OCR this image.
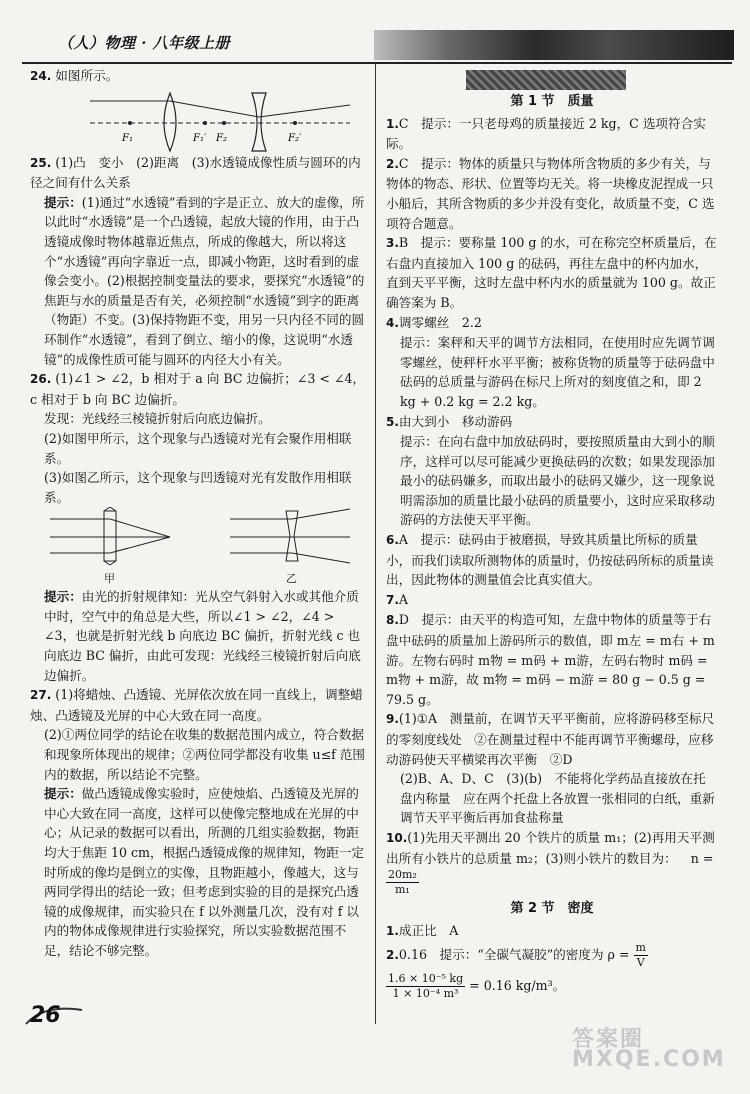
（人）物理 · 八年级上册

24. 如图所示。

F₁	F₁′ F₂	F₂′

25. (1)凸　变小　(2)距离　(3)水透镜成像性质与圆环的内径之间有什么关系

提示：(1)通过“水透镜”看到的字是正立、放大的虚像，所以此时“水透镜”是一个凸透镜，起放大镜的作用，由于凸透镜成像时物体越靠近焦点，所成的像越大，所以将这个“水透镜”再向字靠近一点，即减小物距，这时看到的虚像会变小。(2)根据控制变量法的要求，要探究“水透镜”的焦距与水的质量是否有关，必须控制“水透镜”到字的距离（物距）不变。(3)保持物距不变，用另一只内径不同的圆环制作“水透镜”，看到了倒立、缩小的像，这说明“水透镜”的成像性质可能与圆环的内径大小有关。

26. (1)∠1 > ∠2，b 相对于 a 向 BC 边偏折；∠3 < ∠4，c 相对于 b 向 BC 边偏折。

发现：光线经三棱镜折射后向底边偏折。

(2)如图甲所示，这个现象与凸透镜对光有会聚作用相联系。

(3)如图乙所示，这个现象与凹透镜对光有发散作用相联系。

甲	乙

提示：由光的折射规律知：光从空气斜射入水或其他介质中时，空气中的角总是大些，所以∠1 > ∠2，∠4 > ∠3，也就是折射光线 b 向底边 BC 偏折，折射光线 c 也向底边 BC 偏折，由此可发现：光线经三棱镜折射后向底边偏折。

27. (1)将蜡烛、凸透镜、光屏依次放在同一直线上，调整蜡烛、凸透镜及光屏的中心大致在同一高度。

(2)①两位同学的结论在收集的数据范围内成立，符合数据和现象所体现出的规律；②两位同学都没有收集 u≤f 范围内的数据，所以结论不完整。

提示：做凸透镜成像实验时，应使烛焰、凸透镜及光屏的中心大致在同一高度，这样可以使像完整地成在光屏的中心；从记录的数据可以看出，所测的几组实验数据，物距均大于焦距 10 cm，根据凸透镜成像的规律知，物距一定时所成的像均是倒立的实像，且物距越小，像越大，这与两同学得出的结论一致；但考虑到实验的目的是探究凸透镜的成像规律，而实验只在 f 以外测量几次，没有对 f 以内的物体成像规律进行实验探究，所以实验数据范围不足，结论不够完整。

第 1 节　质量

1.C　提示：一只老母鸡的质量接近 2 kg，C 选项符合实际。

2.C　提示：物体的质量只与物体所含物质的多少有关，与物体的物态、形状、位置等均无关。将一块橡皮泥捏成一只小船后，其所含物质的多少并没有变化，故质量不变，C 选项符合题意。

3.B　提示：要称量 100 g 的水，可在称完空杯质量后，在右盘内直接加入 100 g 的砝码，再往左盘中的杯内加水，直到天平平衡，这时左盘中杯内水的质量就为 100 g。故正确答案为 B。

4.调零螺丝　2.2

提示：案秤和天平的调节方法相同，在使用时应先调节调零螺丝，使秤杆水平平衡；被称货物的质量等于砝码盘中砝码的总质量与游码在标尺上所对的刻度值之和，即 2 kg + 0.2 kg = 2.2 kg。

5.由大到小　移动游码

提示：在向右盘中加放砝码时，要按照质量由大到小的顺序，这样可以尽可能减少更换砝码的次数；如果发现添加最小的砝码嫌多，而取出最小的砝码又嫌少，这一现象说明需添加的质量比最小砝码的质量要小，这时应采取移动游码的方法使天平平衡。

6.A　提示：砝码由于被磨损，导致其质量比所标的质量小，而我们读取所测物体的质量时，仍按砝码所标的质量读出，因此物体的测量值会比真实值大。

7.A

8.D　提示：由天平的构造可知，左盘中物体的质量等于右盘中砝码的质量加上游码所示的数值，即 m左 = m右 + m游。左物右码时 m物 = m码 + m游，左码右物时 m码 = m物 + m游，故 m物 = m码 − m游 = 80 g − 0.5 g = 79.5 g。

9.(1)①A　测量前，在调节天平平衡前，应将游码移至标尺的零刻度线处　②在测量过程中不能再调节平衡螺母，应移动游码使天平横梁再次平衡　②D

(2)B、A、D、C　(3)(b)　不能将化学药品直接放在托盘内称量　应在两个托盘上各放置一张相同的白纸，重新调节天平平衡后再加食盐称量

10.(1)先用天平测出 20 个铁片的质量 m₁；(2)再用天平测出所有小铁片的总质量 m₂；(3)则小铁片的数目为： n =
$\frac{\text{20m₂}}{\text{m₁}}$

第 2 节　密度

1.成正比　A

2.0.16　提示：“全碳气凝胶”的密度为 $\rho = \frac{m}{V}$

$\frac{\text{1.6 × 10⁻⁵ kg}}{\text{1 × 10⁻⁴ m³}} = 0.16$ kg/m³。

26
答案圈 MXQE.COM
